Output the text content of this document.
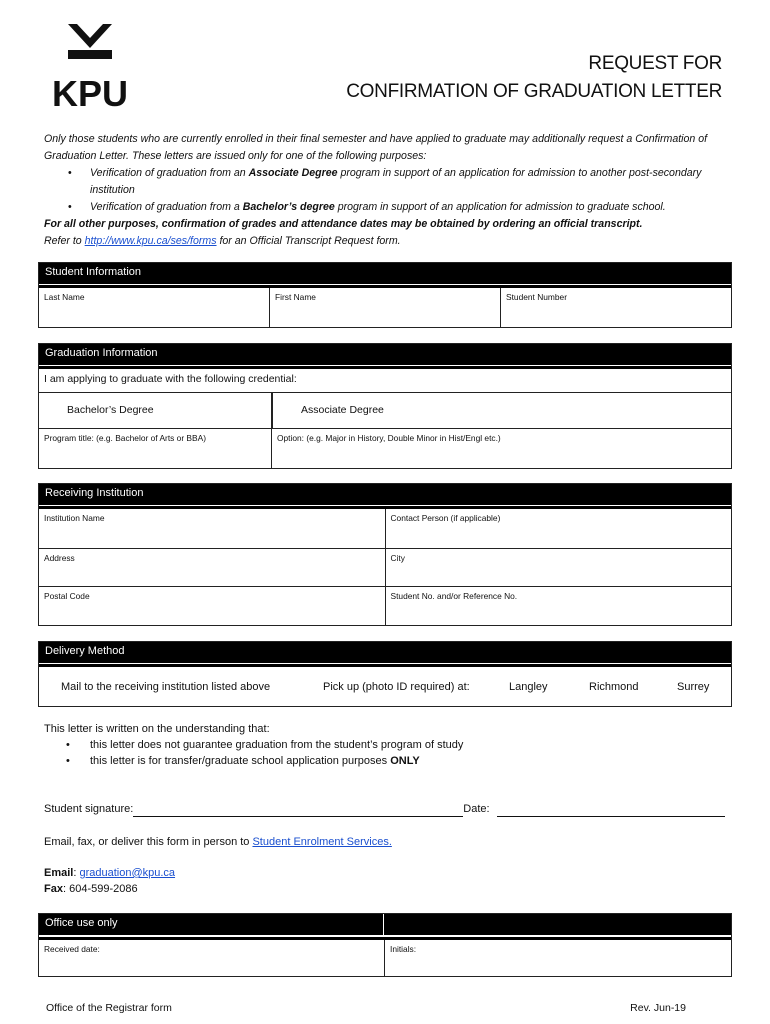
KPU
REQUEST FOR
CONFIRMATION OF GRADUATION LETTER
Only those students who are currently enrolled in their final semester and have applied to graduate may additionally request a Confirmation of Graduation Letter. These letters are issued only for one of the following purposes:
• Verification of graduation from an Associate Degree program in support of an application for admission to another post-secondary institution
• Verification of graduation from a Bachelor’s degree program in support of an application for admission to graduate school.
For all other purposes, confirmation of grades and attendance dates may be obtained by ordering an official transcript.
Refer to http://www.kpu.ca/ses/forms for an Official Transcript Request form.
Student Information
Last Name	First Name	Student Number
Graduation Information
I am applying to graduate with the following credential:
Bachelor’s Degree	Associate Degree
Program title: (e.g. Bachelor of Arts or BBA)	Option: (e.g. Major in History, Double Minor in Hist/Engl etc.)
Receiving Institution
Institution Name	Contact Person (if applicable)
Address	City
Postal Code	Student No. and/or Reference No.
Delivery Method
Mail to the receiving institution listed above	Pick up (photo ID required) at:	Langley	Richmond	Surrey
This letter is written on the understanding that:
• this letter does not guarantee graduation from the student’s program of study
• this letter is for transfer/graduate school application purposes ONLY
Student signature:	Date:
Email, fax, or deliver this form in person to Student Enrolment Services.
Email: graduation@kpu.ca
Fax: 604-599-2086
Office use only
Received date:	Initials:
Office of the Registrar form	Rev. Jun-19
